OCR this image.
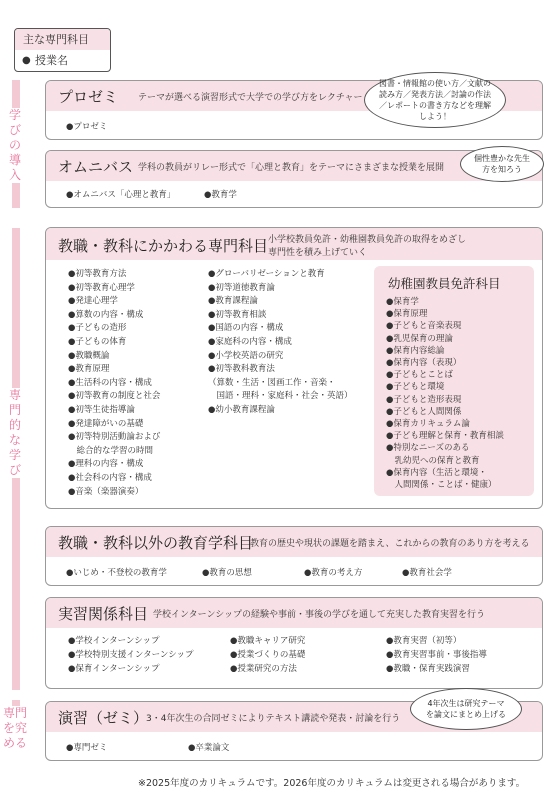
主な専門科目
● 授業名
学びの導入
専門的な学び
専門を究める
プロゼミ テーマが選べる演習形式で大学での学び方をレクチャー
●プロゼミ
図書・情報館の使い方／文献の読み方／発表方法／討論の作法／レポートの書き方などを理解しよう！
オムニバス 学科の教員がリレー形式で「心理と教育」をテーマにさまざまな授業を展開
●オムニバス「心理と教育」	●教育学
個性豊かな先生方を知ろう
教職・教科にかかわる専門科目 小学校教員免許・幼稚園教員免許の取得をめざし
専門性を積み上げていく
●初等教育方法
●初等教育心理学
●発達心理学
●算数の内容・構成
●子どもの造形
●子どもの体育
●教職概論
●教育原理
●生活科の内容・構成
●初等教育の制度と社会
●初等生徒指導論
●発達障がいの基礎
●初等特別活動論および
　総合的な学習の時間
●理科の内容・構成
●社会科の内容・構成
●音楽（楽器演奏）
●グローバリゼーションと教育
●初等道徳教育論
●教育課程論
●初等教育相談
●国語の内容・構成
●家庭科の内容・構成
●小学校英語の研究
●初等教科教育法
（算数・生活・図画工作・音楽・
　国語・理科・家庭科・社会・英語）
●幼小教育課程論
幼稚園教員免許科目
●保育学
●保育原理
●子どもと音楽表現
●乳児保育の理論
●保育内容総論
●保育内容（表現）
●子どもとことば
●子どもと環境
●子どもと造形表現
●子どもと人間関係
●保育カリキュラム論
●子ども理解と保育・教育相談
●特別なニーズのある
　乳幼児への保育と教育
●保育内容（生活と環境・
　人間関係・ことば・健康）
教職・教科以外の教育学科目
教育の歴史や現状の課題を踏まえ、これからの教育のあり方を考える
●いじめ・不登校の教育学	●教育の思想	●教育の考え方	●教育社会学
実習関係科目 学校インターンシップの経験や事前・事後の学びを通して充実した教育実習を行う
●学校インターンシップ
●学校特別支援インターンシップ
●保育インターンシップ
●教職キャリア研究
●授業づくりの基礎
●授業研究の方法
●教育実習（初等）
●教育実習事前・事後指導
●教職・保育実践演習
演習（ゼミ）
3・4年次生の合同ゼミによりテキスト講読や発表・討論を行う
●専門ゼミ	●卒業論文
4年次生は研究テーマを論文にまとめ上げる
※2025年度のカリキュラムです。2026年度のカリキュラムは変更される場合があります。
